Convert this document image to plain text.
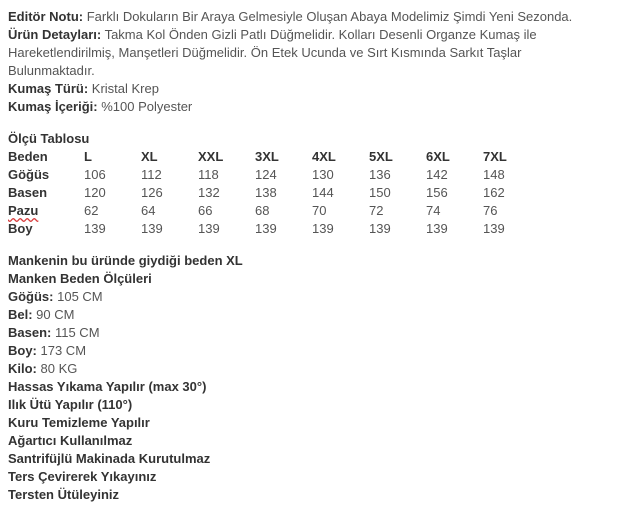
Editör Notu: Farklı Dokuların Bir Araya Gelmesiyle Oluşan Abaya Modelimiz Şimdi Yeni Sezonda.

Ürün Detayları: Takma Kol Önden Gizli Patlı Düğmelidir. Kolları Desenli Organze Kumaş ile Hareketlendirilmiş, Manşetleri Düğmelidir. Ön Etek Ucunda ve Sırt Kısmında Sarkıt Taşlar Bulunmaktadır.

Kumaş Türü: Kristal Krep

Kumaş İçeriği: %100 Polyester

Ölçü Tablosu

Beden	L	XL	XXL	3XL	4XL	5XL	6XL	7XL
Göğüs	106	112	118	124	130	136	142	148
Basen	120	126	132	138	144	150	156	162
Pazu	62	64	66	68	70	72	74	76
Boy	139	139	139	139	139	139	139	139

Mankenin bu üründe giydiği beden XL

Manken Beden Ölçüleri

Göğüs: 105 CM

Bel: 90 CM

Basen: 115 CM

Boy: 173 CM

Kilo: 80 KG

Hassas Yıkama Yapılır (max 30°)

Ilık Ütü Yapılır (110°)

Kuru Temizleme Yapılır

Ağartıcı Kullanılmaz

Santrifüjlü Makinada Kurutulmaz

Ters Çevirerek Yıkayınız

Tersten Ütüleyiniz
